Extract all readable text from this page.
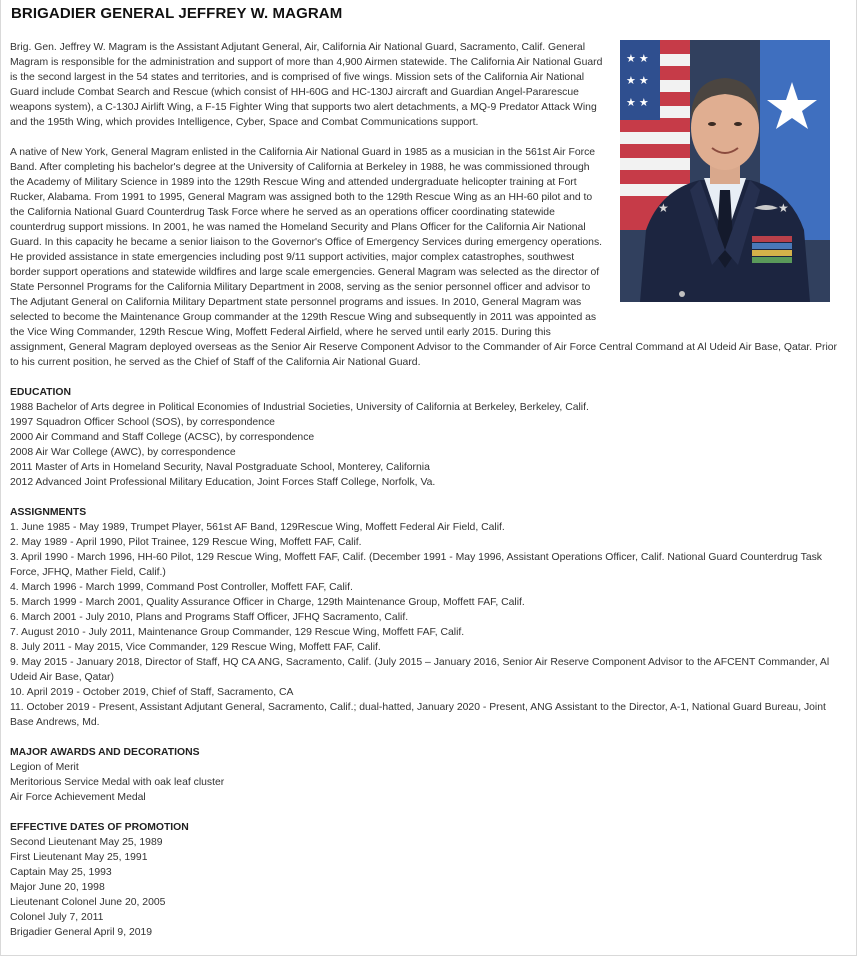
BRIGADIER GENERAL JEFFREY W. MAGRAM
★ ★
★ ★
★ ★
★	★

Brig. Gen. Jeffrey W. Magram is the Assistant Adjutant General, Air, California Air National Guard, Sacramento, Calif. General Magram is responsible for the administration and support of more than 4,900 Airmen statewide. The California Air National Guard is the second largest in the 54 states and territories, and is comprised of five wings. Mission sets of the California Air National Guard include Combat Search and Rescue (which consist of HH-60G and HC-130J aircraft and Guardian Angel-Pararescue weapons system), a C-130J Airlift Wing, a F-15 Fighter Wing that supports two alert detachments, a MQ-9 Predator Attack Wing and the 195th Wing, which provides Intelligence, Cyber, Space and Combat Communications support.

A native of New York, General Magram enlisted in the California Air National Guard in 1985 as a musician in the 561st Air Force Band. After completing his bachelor's degree at the University of California at Berkeley in 1988, he was commissioned through the Academy of Military Science in 1989 into the 129th Rescue Wing and attended undergraduate helicopter training at Fort Rucker, Alabama. From 1991 to 1995, General Magram was assigned both to the 129th Rescue Wing as an HH-60 pilot and to the California National Guard Counterdrug Task Force where he served as an operations officer coordinating statewide counterdrug support missions. In 2001, he was named the Homeland Security and Plans Officer for the California Air National Guard. In this capacity he became a senior liaison to the Governor's Office of Emergency Services during emergency operations. He provided assistance in state emergencies including post 9/11 support activities, major complex catastrophes, southwest border support operations and statewide wildfires and large scale emergencies. General Magram was selected as the director of State Personnel Programs for the California Military Department in 2008, serving as the senior personnel officer and advisor to The Adjutant General on California Military Department state personnel programs and issues. In 2010, General Magram was selected to become the Maintenance Group commander at the 129th Rescue Wing and subsequently in 2011 was appointed as the Vice Wing Commander, 129th Rescue Wing, Moffett Federal Airfield, where he served until early 2015. During this
assignment, General Magram deployed overseas as the Senior Air Reserve Component Advisor to the Commander of Air Force Central Command at Al Udeid Air Base, Qatar. Prior to his current position, he served as the Chief of Staff of the California Air National Guard.

EDUCATION
1988 Bachelor of Arts degree in Political Economies of Industrial Societies, University of California at Berkeley, Berkeley, Calif.
1997 Squadron Officer School (SOS), by correspondence
2000 Air Command and Staff College (ACSC), by correspondence
2008 Air War College (AWC), by correspondence
2011 Master of Arts in Homeland Security, Naval Postgraduate School, Monterey, California
2012 Advanced Joint Professional Military Education, Joint Forces Staff College, Norfolk, Va.
ASSIGNMENTS
1. June 1985 - May 1989, Trumpet Player, 561st AF Band, 129Rescue Wing, Moffett Federal Air Field, Calif.
2. May 1989 - April 1990, Pilot Trainee, 129 Rescue Wing, Moffett FAF, Calif.
3. April 1990 - March 1996, HH-60 Pilot, 129 Rescue Wing, Moffett FAF, Calif. (December 1991 - May 1996, Assistant Operations Officer, Calif. National Guard Counterdrug Task Force, JFHQ, Mather Field, Calif.)
4. March 1996 - March 1999, Command Post Controller, Moffett FAF, Calif.
5. March 1999 - March 2001, Quality Assurance Officer in Charge, 129th Maintenance Group, Moffett FAF, Calif.
6. March 2001 - July 2010, Plans and Programs Staff Officer, JFHQ Sacramento, Calif.
7. August 2010 - July 2011, Maintenance Group Commander, 129 Rescue Wing, Moffett FAF, Calif.
8. July 2011 - May 2015, Vice Commander, 129 Rescue Wing, Moffett FAF, Calif.
9. May 2015 - January 2018, Director of Staff, HQ CA ANG, Sacramento, Calif. (July 2015 – January 2016, Senior Air Reserve Component Advisor to the AFCENT Commander, Al Udeid Air Base, Qatar)
10. April 2019 - October 2019, Chief of Staff, Sacramento, CA
11. October 2019 - Present, Assistant Adjutant General, Sacramento, Calif.; dual-hatted, January 2020 - Present, ANG Assistant to the Director, A-1, National Guard Bureau, Joint Base Andrews, Md.
MAJOR AWARDS AND DECORATIONS
Legion of Merit
Meritorious Service Medal with oak leaf cluster
Air Force Achievement Medal
EFFECTIVE DATES OF PROMOTION
Second Lieutenant May 25, 1989
First Lieutenant May 25, 1991
Captain May 25, 1993
Major June 20, 1998
Lieutenant Colonel June 20, 2005
Colonel July 7, 2011
Brigadier General April 9, 2019
